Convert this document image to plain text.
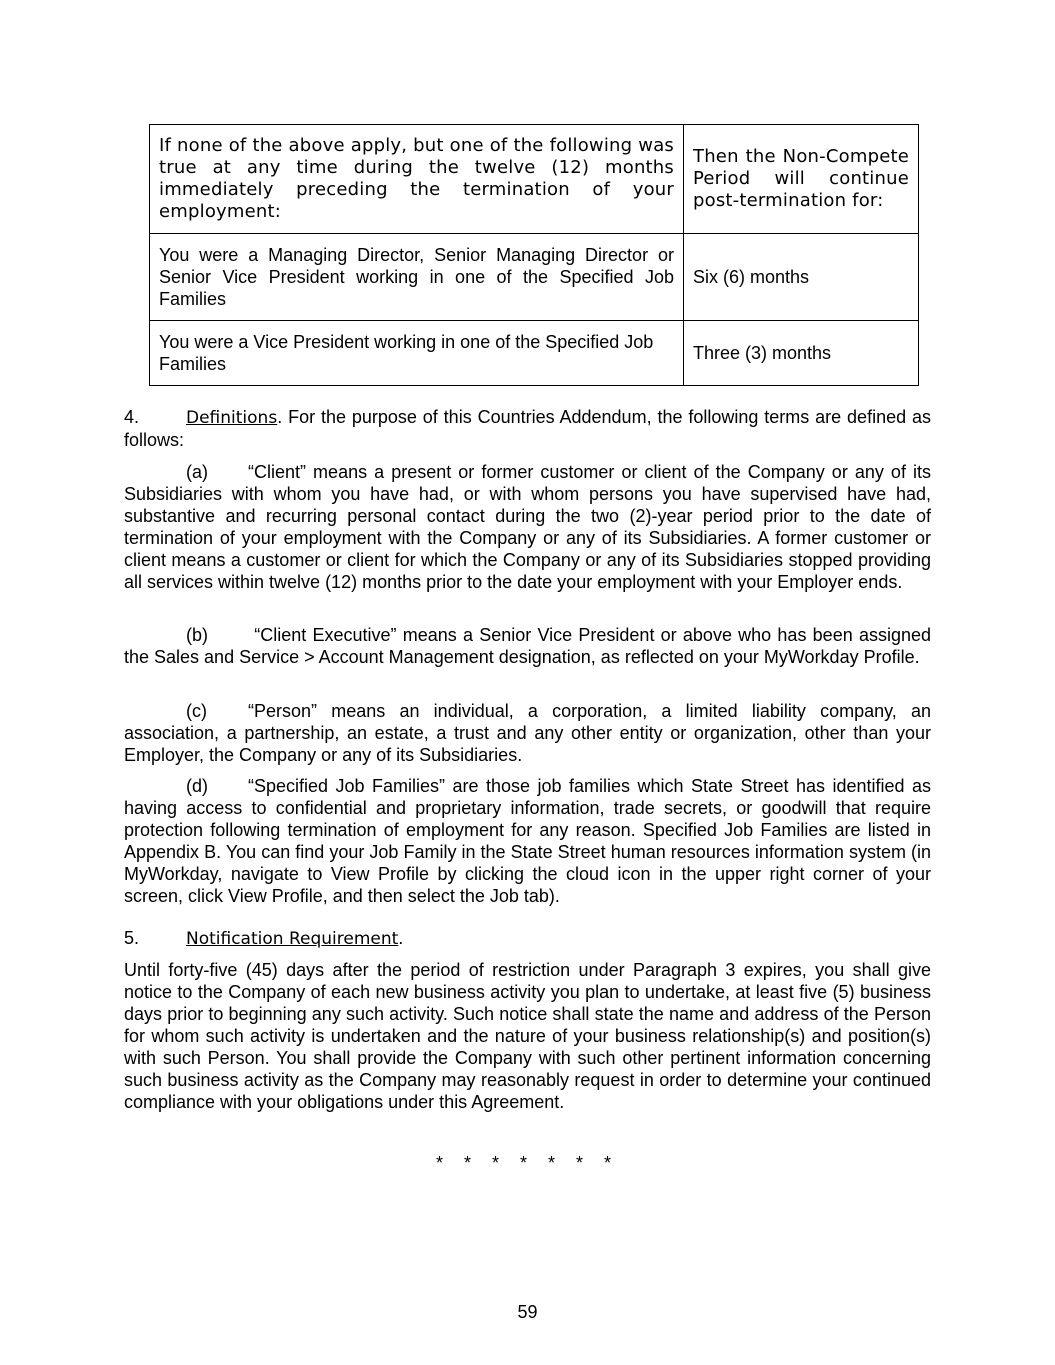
If none of the above apply, but one of the following was true at any time during the twelve (12) months immediately preceding the termination of your employment:	Then the Non-Compete Period will continue post-termination for:
You were a Managing Director, Senior Managing Director or Senior Vice President working in one of the Specified Job Families	Six (6) months
You were a Vice President working in one of the Specified Job Families	Three (3) months
4.	Definitions. For the purpose of this Countries Addendum, the following terms are defined as follows:
(a) “Client” means a present or former customer or client of the Company or any of its Subsidiaries with whom you have had, or with whom persons you have supervised have had, substantive and recurring personal contact during the two (2)-year period prior to the date of termination of your employment with the Company or any of its Subsidiaries. A former customer or client means a customer or client for which the Company or any of its Subsidiaries stopped providing all services within twelve (12) months prior to the date your employment with your Employer ends.
(b) “Client Executive” means a Senior Vice President or above who has been assigned the Sales and Service > Account Management designation, as reflected on your MyWorkday Profile.
(c) “Person” means an individual, a corporation, a limited liability company, an association, a partnership, an estate, a trust and any other entity or organization, other than your Employer, the Company or any of its Subsidiaries.
(d) “Specified Job Families” are those job families which State Street has identified as having access to confidential and proprietary information, trade secrets, or goodwill that require protection following termination of employment for any reason. Specified Job Families are listed in Appendix B. You can find your Job Family in the State Street human resources information system (in MyWorkday, navigate to View Profile by clicking the cloud icon in the upper right corner of your screen, click View Profile, and then select the Job tab).
5.	Notification Requirement.
Until forty-five (45) days after the period of restriction under Paragraph 3 expires, you shall give notice to the Company of each new business activity you plan to undertake, at least five (5) business days prior to beginning any such activity. Such notice shall state the name and address of the Person for whom such activity is undertaken and the nature of your business relationship(s) and position(s) with such Person. You shall provide the Company with such other pertinent information concerning such business activity as the Company may reasonably request in order to determine your continued compliance with your obligations under this Agreement.
* * * * * * *
59
